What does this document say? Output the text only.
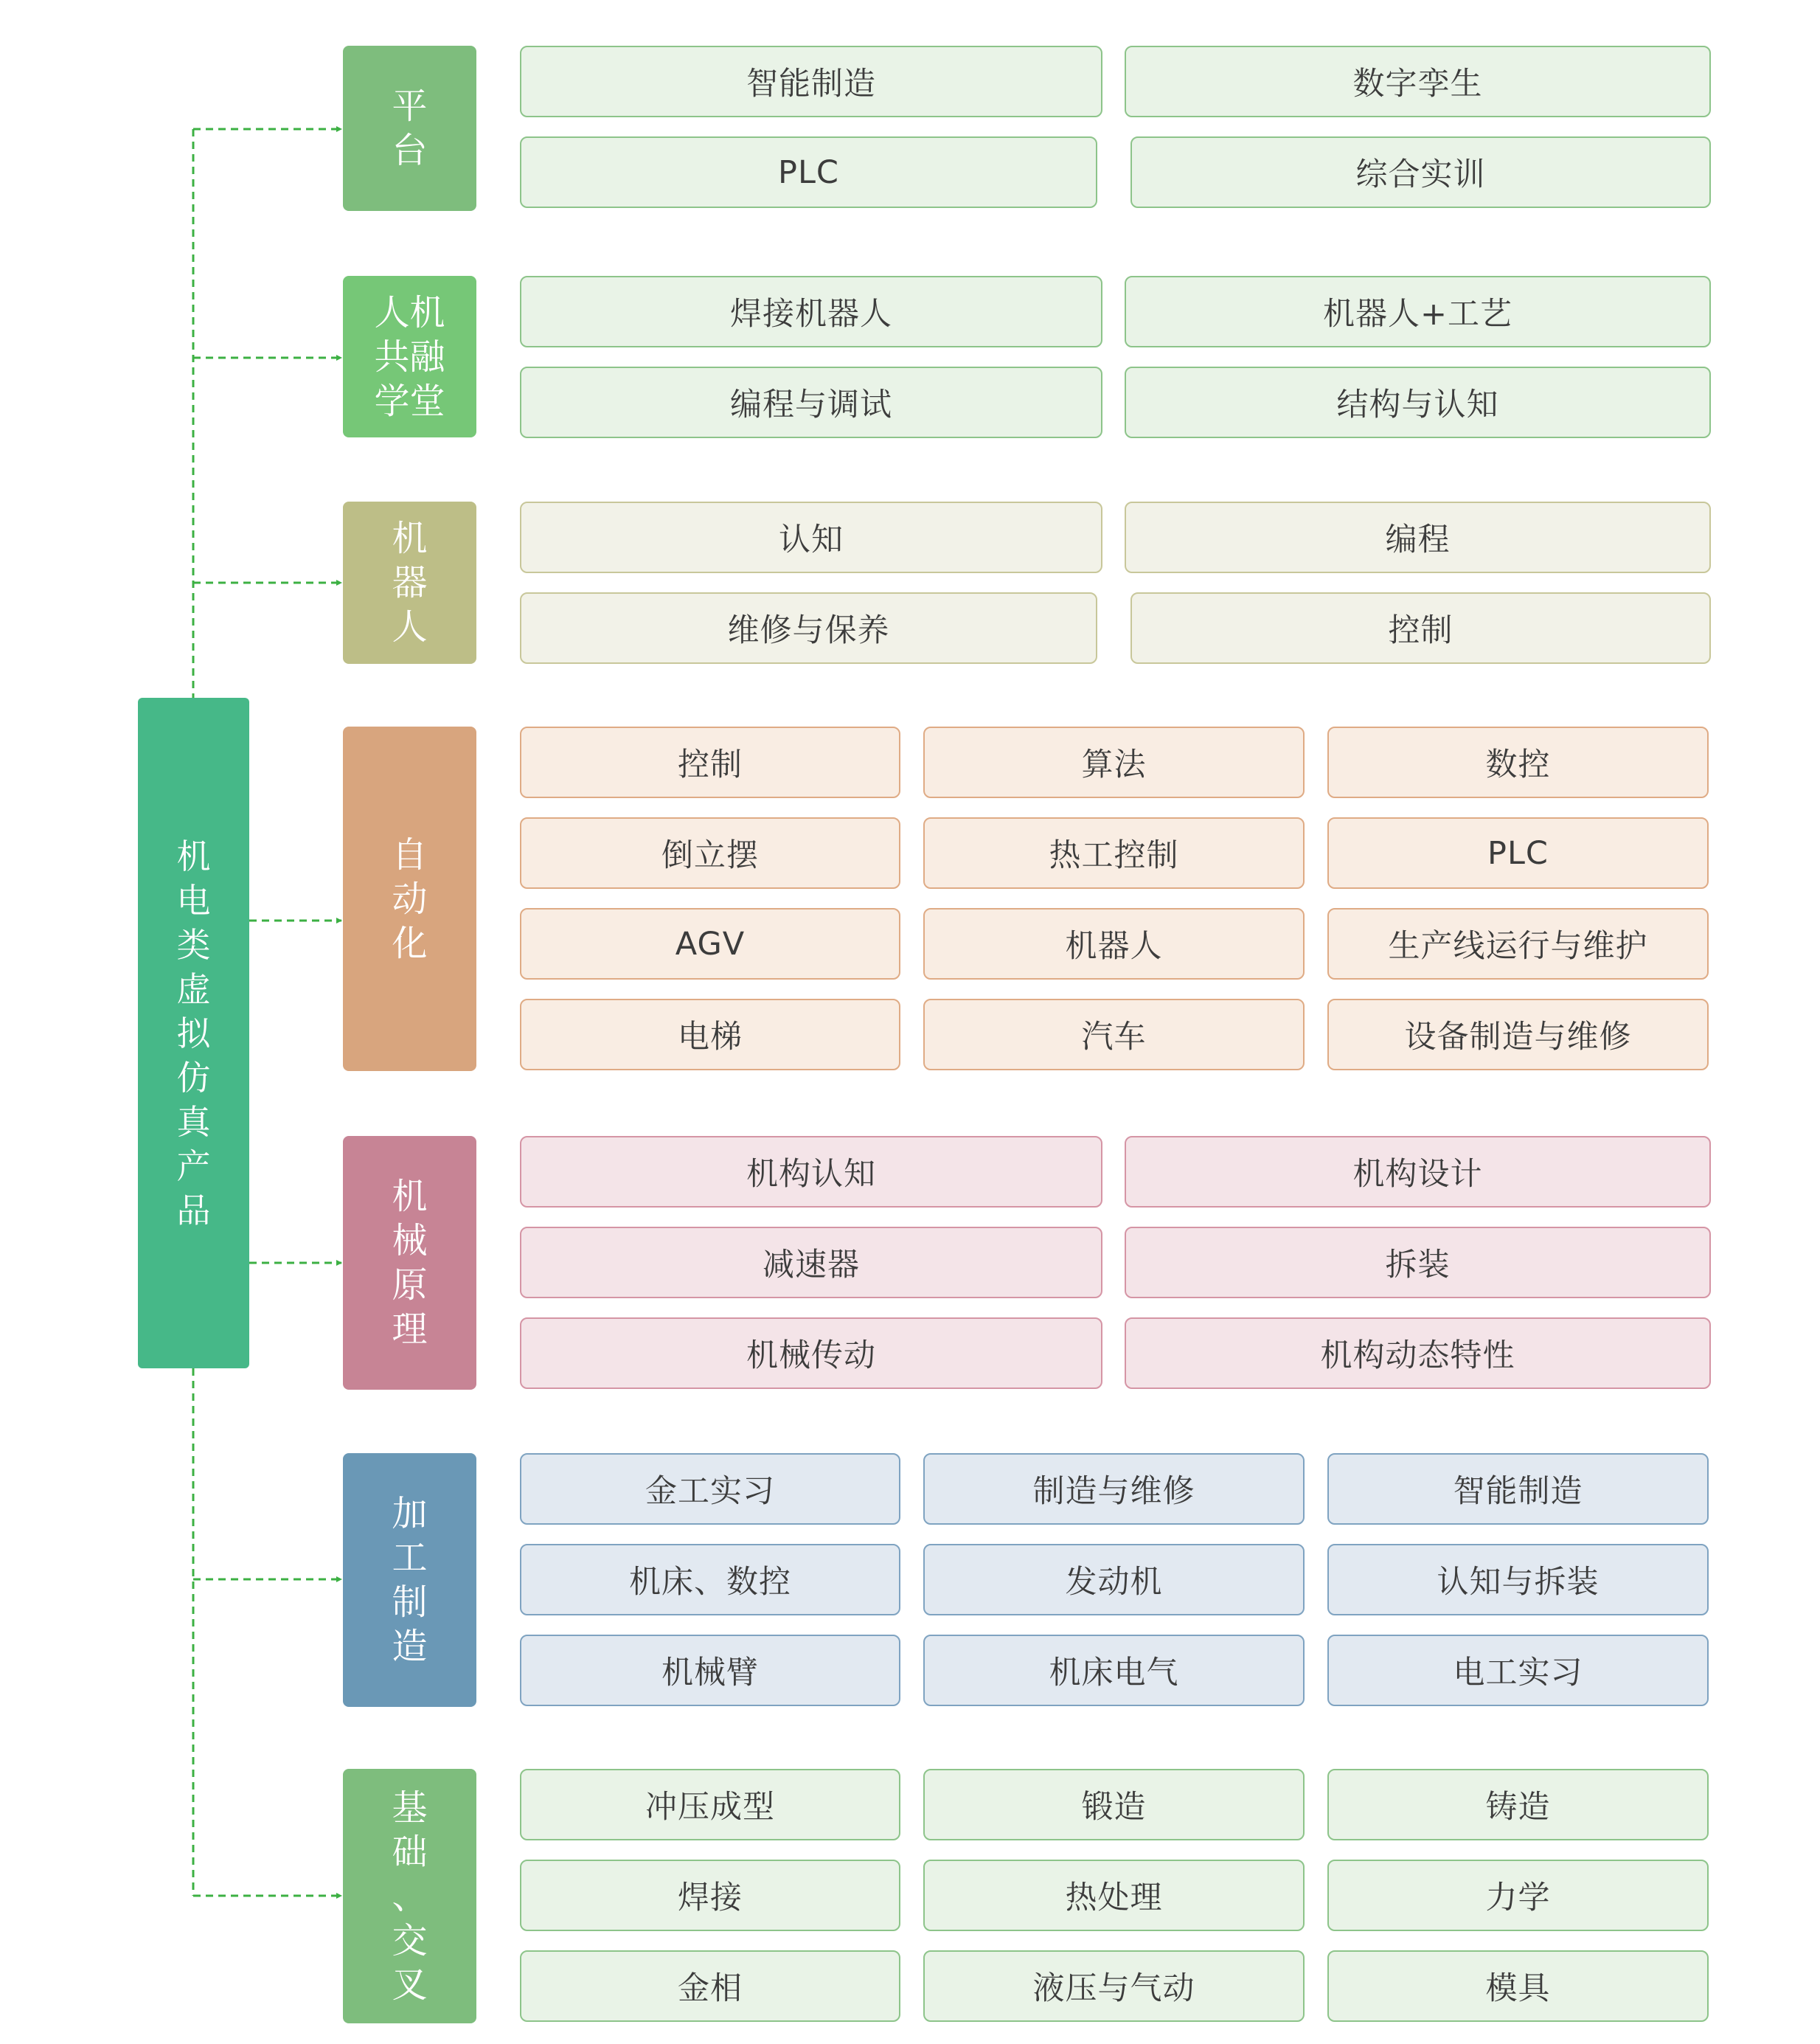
机
电
类
虚
拟
仿
真
产
品
平
台
智能制造	数字孪生
PLC	综合实训
人机
共融
学堂
焊接机器人	机器人+工艺
编程与调试	结构与认知
机
器
人
认知	编程
维修与保养	控制
自
动
化
控制	算法	数控
倒立摆	热工控制	PLC
AGV	机器人	生产线运行与维护
电梯	汽车	设备制造与维修
机
械
原
理
机构认知	机构设计
减速器	拆装
机械传动	机构动态特性
加
工
制
造
金工实习	制造与维修	智能制造
机床、数控	发动机	认知与拆装
机械臂	机床电气	电工实习
基
础
、
交
叉
冲压成型	锻造	铸造
焊接	热处理	力学
金相	液压与气动	模具
